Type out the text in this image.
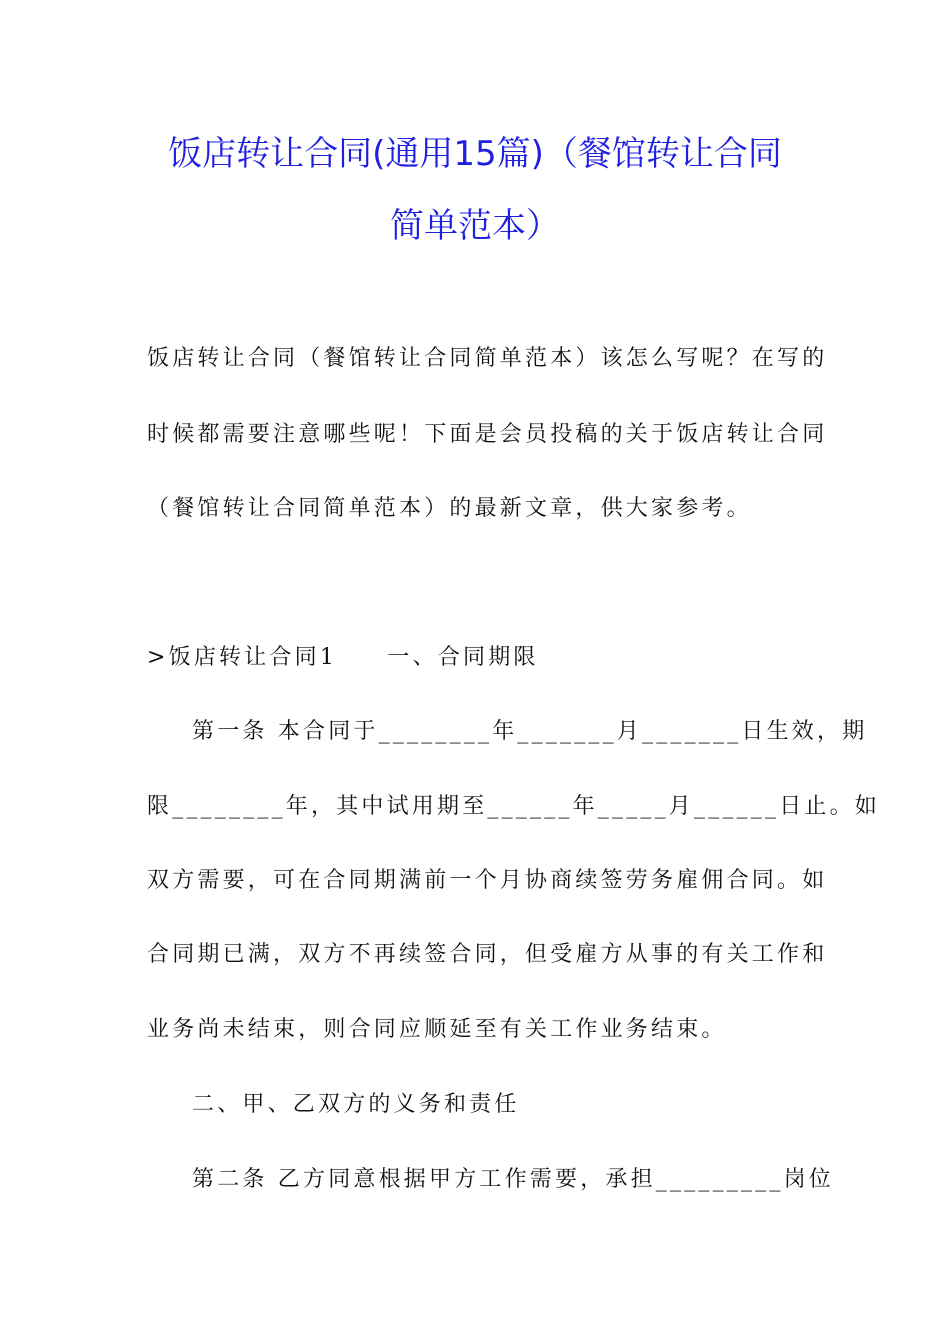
饭店转让合同(通用15篇)（餐馆转让合同
简单范本）
饭店转让合同（餐馆转让合同简单范本）该怎么写呢？在写的
时候都需要注意哪些呢！下面是会员投稿的关于饭店转让合同
（餐馆转让合同简单范本）的最新文章，供大家参考。
>饭店转让合同1　　一、合同期限
第一条 本合同于________年_______月_______日生效，期
限________年，其中试用期至______年_____月______日止。如
双方需要，可在合同期满前一个月协商续签劳务雇佣合同。如
合同期已满，双方不再续签合同，但受雇方从事的有关工作和
业务尚未结束，则合同应顺延至有关工作业务结束。
二、甲、乙双方的义务和责任
第二条 乙方同意根据甲方工作需要，承担_________岗位
